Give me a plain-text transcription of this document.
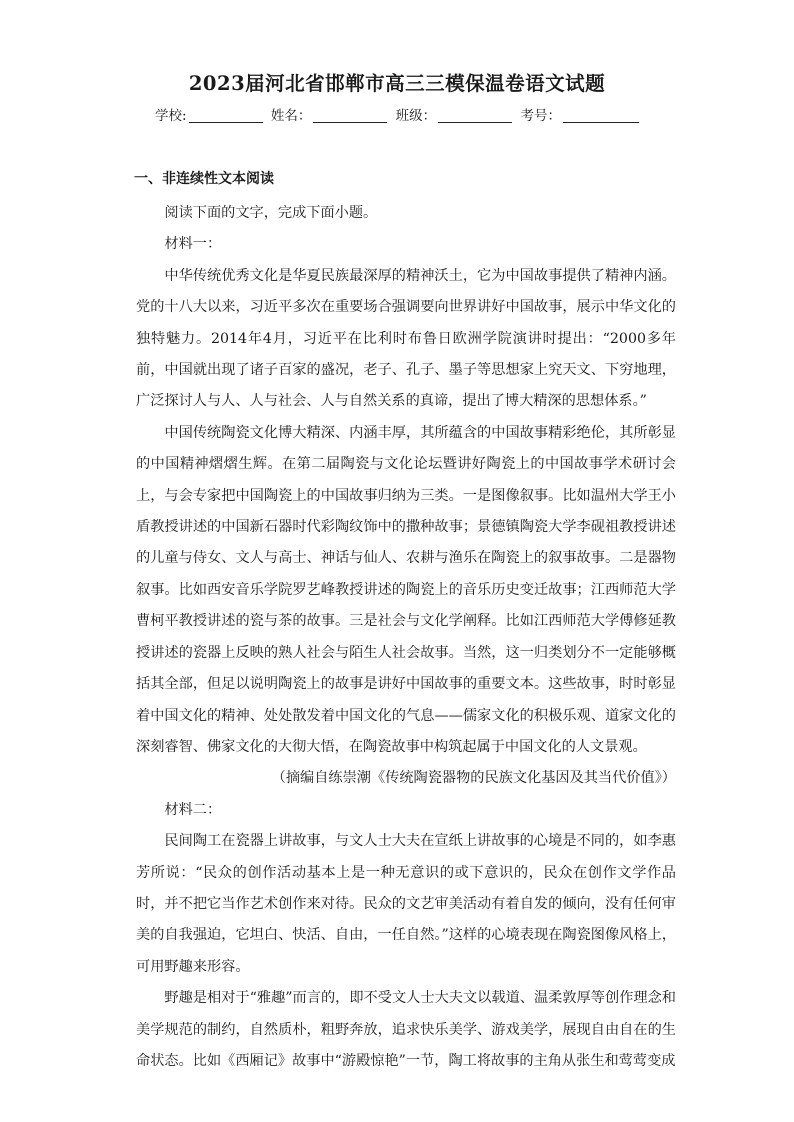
2023届河北省邯郸市高三三模保温卷语文试题
学校:	姓名：	班级：	考号：
一、非连续性文本阅读

阅读下面的文字，完成下面小题。

材料一：

中华传统优秀文化是华夏民族最深厚的精神沃土，它为中国故事提供了精神内涵。党的十八大以来，习近平多次在重要场合强调要向世界讲好中国故事，展示中华文化的独特魅力。2014年4月，习近平在比利时布鲁日欧洲学院演讲时提出：“2000多年前，中国就出现了诸子百家的盛况，老子、孔子、墨子等思想家上究天文、下穷地理，广泛探讨人与人、人与社会、人与自然关系的真谛，提出了博大精深的思想体系。”

中国传统陶瓷文化博大精深、内涵丰厚，其所蕴含的中国故事精彩绝伦，其所彰显的中国精神熠熠生辉。在第二届陶瓷与文化论坛暨讲好陶瓷上的中国故事学术研讨会上，与会专家把中国陶瓷上的中国故事归纳为三类。一是图像叙事。比如温州大学王小盾教授讲述的中国新石器时代彩陶纹饰中的撒种故事；景德镇陶瓷大学李砚祖教授讲述的儿童与侍女、文人与高士、神话与仙人、农耕与渔乐在陶瓷上的叙事故事。二是器物叙事。比如西安音乐学院罗艺峰教授讲述的陶瓷上的音乐历史变迁故事；江西师范大学曹柯平教授讲述的瓷与茶的故事。三是社会与文化学阐释。比如江西师范大学傅修延教授讲述的瓷器上反映的熟人社会与陌生人社会故事。当然，这一归类划分不一定能够概括其全部，但足以说明陶瓷上的故事是讲好中国故事的重要文本。这些故事，时时彰显着中国文化的精神、处处散发着中国文化的气息——儒家文化的积极乐观、道家文化的深刻睿智、佛家文化的大彻大悟，在陶瓷故事中构筑起属于中国文化的人文景观。

（摘编自练崇潮《传统陶瓷器物的民族文化基因及其当代价值》）

材料二：

民间陶工在瓷器上讲故事，与文人士大夫在宣纸上讲故事的心境是不同的，如李惠芳所说：“民众的创作活动基本上是一种无意识的或下意识的，民众在创作文学作品时，并不把它当作艺术创作来对待。民众的文艺审美活动有着自发的倾向，没有任何审美的自我强迫，它坦白、快活、自由，一任自然。”这样的心境表现在陶瓷图像风格上，可用野趣来形容。

野趣是相对于“雅趣”而言的，即不受文人士大夫文以载道、温柔敦厚等创作理念和美学规范的制约，自然质朴，粗野奔放，追求快乐美学、游戏美学，展现自由自在的生命状态。比如《西厢记》故事中“游殿惊艳”一节，陶工将故事的主角从张生和莺莺变成
